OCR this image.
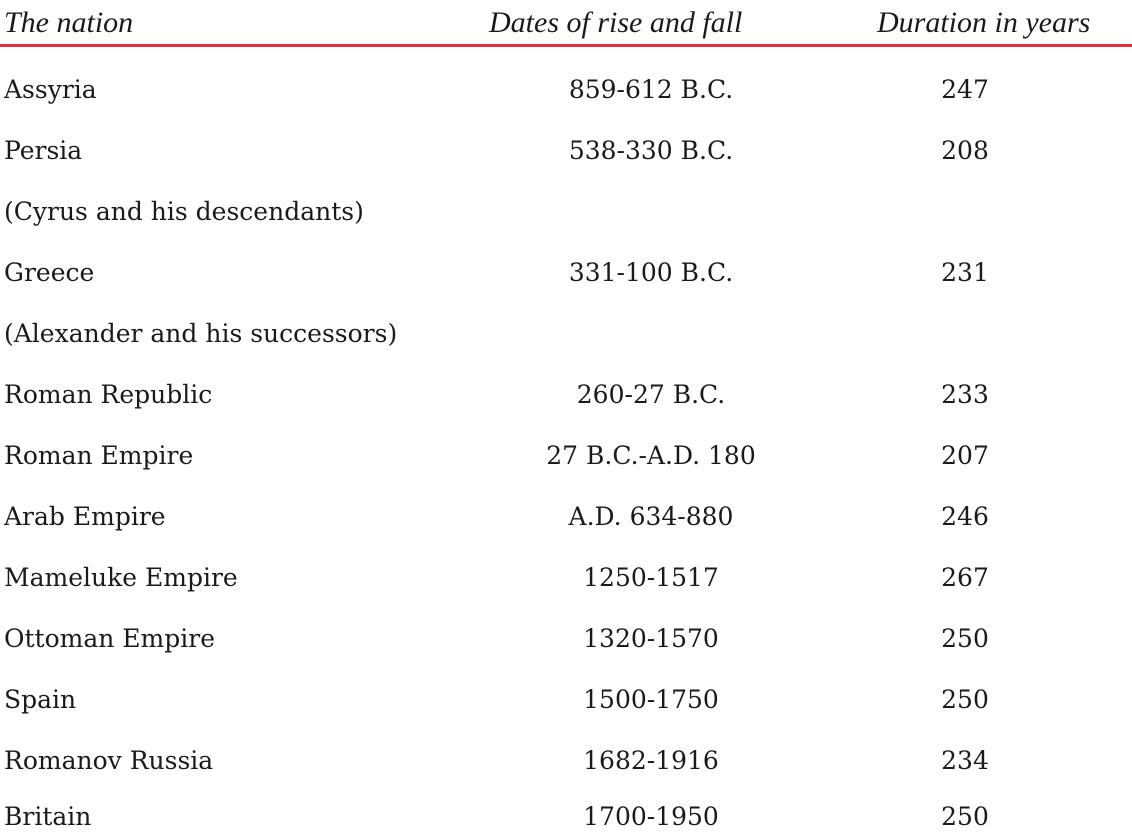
The nation	Dates of rise and fall	Duration in years
Assyria	859-612 B.C.	247
Persia	538-330 B.C.	208
(Cyrus and his descendants)
Greece	331-100 B.C.	231
(Alexander and his successors)
Roman Republic	260-27 B.C.	233
Roman Empire	27 B.C.-A.D. 180	207
Arab Empire	A.D. 634-880	246
Mameluke Empire	1250-1517	267
Ottoman Empire	1320-1570	250
Spain	1500-1750	250
Romanov Russia	1682-1916	234
Britain	1700-1950	250
